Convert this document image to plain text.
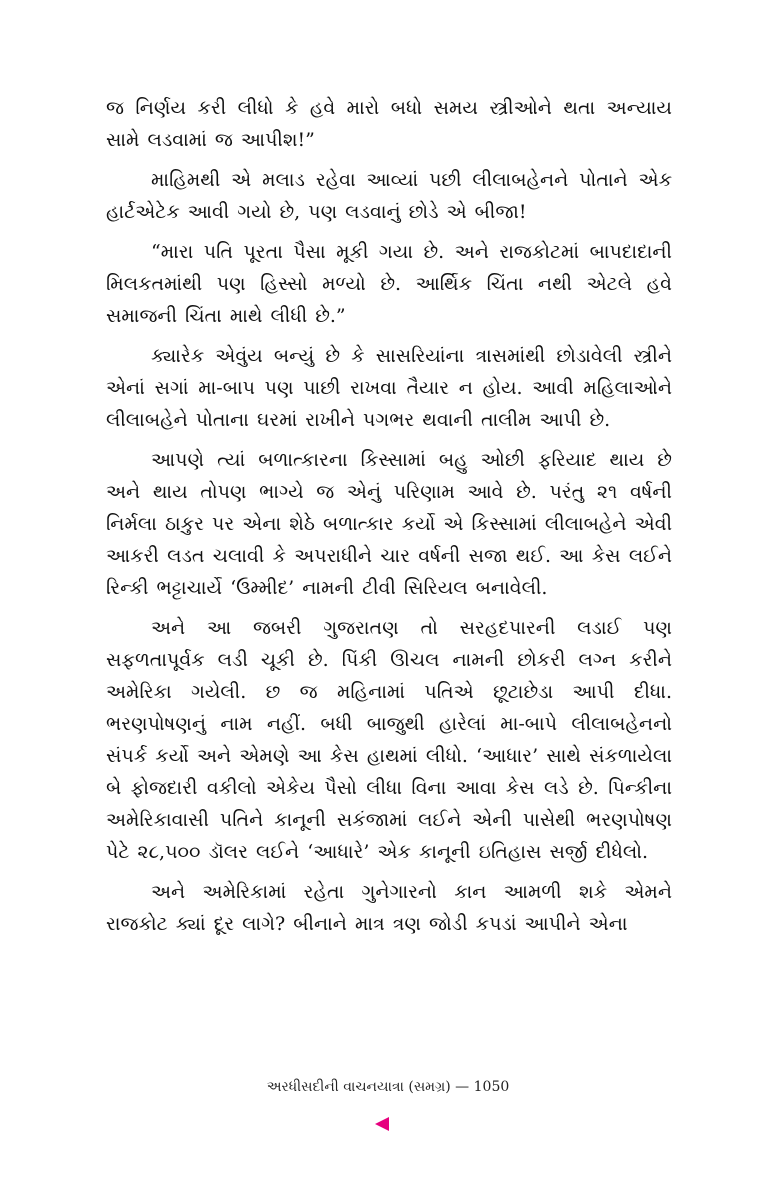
જ નિર્ણય કરી લીધો કે હવે મારો બધો સમય સ્ત્રીઓને થતા અન્યાય સામે લડવામાં જ આપીશ!”

માહિમથી એ મલાડ રહેવા આવ્યાં પછી લીલાબહેનને પોતાને એક હાર્ટએટેક આવી ગયો છે, પણ લડવાનું છોડે એ બીજા!

“મારા પતિ પૂરતા પૈસા મૂકી ગયા છે. અને રાજકોટમાં બાપદાદાની મિલકતમાંથી પણ હિસ્સો મળ્યો છે. આર્થિક ચિંતા નથી એટલે હવે સમાજની ચિંતા માથે લીધી છે.”

ક્યારેક એવુંય બન્યું છે કે સાસરિયાંના ત્રાસમાંથી છોડાવેલી સ્ત્રીને એનાં સગાં મા-બાપ પણ પાછી રાખવા તૈયાર ન હોય. આવી મહિલાઓને લીલાબહેને પોતાના ઘરમાં રાખીને પગભર થવાની તાલીમ આપી છે.

આપણે ત્યાં બળાત્કારના કિસ્સામાં બહુ ઓછી ફરિયાદ થાય છે અને થાય તોપણ ભાગ્યે જ એનું પરિણામ આવે છે. પરંતુ ૨૧ વર્ષની નિર્મલા ઠાકુર પર એના શેઠે બળાત્કાર કર્યો એ કિસ્સામાં લીલાબહેને એવી આકરી લડત ચલાવી કે અપરાધીને ચાર વર્ષની સજા થઈ. આ કેસ લઈને રિન્કી ભટ્ટાચાર્યે ‘ઉમ્મીદ’ નામની ટીવી સિરિયલ બનાવેલી.

અને આ જબરી ગુજરાતણ તો સરહદપારની લડાઈ પણ સફળતાપૂર્વક લડી ચૂકી છે. પિંકી ઊચલ નામની છોકરી લગ્ન કરીને અમેરિકા ગયેલી. છ જ મહિનામાં પતિએ છૂટાછેડા આપી દીધા. ભરણપોષણનું નામ નહીં. બધી બાજુથી હારેલાં મા-બાપે લીલાબહેનનો સંપર્ક કર્યો અને એમણે આ કેસ હાથમાં લીધો. ‘આધાર’ સાથે સંકળાયેલા બે ફોજદારી વકીલો એકેય પૈસો લીધા વિના આવા કેસ લડે છે. પિન્કીના અમેરિકાવાસી પતિને કાનૂની સકંજામાં લઈને એની પાસેથી ભરણપોષણ પેટે ૨૮,૫૦૦ ડૉલર લઈને ‘આધારે’ એક કાનૂની ઇતિહાસ સર્જી દીધેલો.

અને અમેરિકામાં રહેતા ગુનેગારનો કાન આમળી શકે એમને રાજકોટ ક્યાં દૂર લાગે? બીનાને માત્ર ત્રણ જોડી કપડાં આપીને એના

અરધીસદીની વાચનયાત્રા (સમગ્ર) — 1050
